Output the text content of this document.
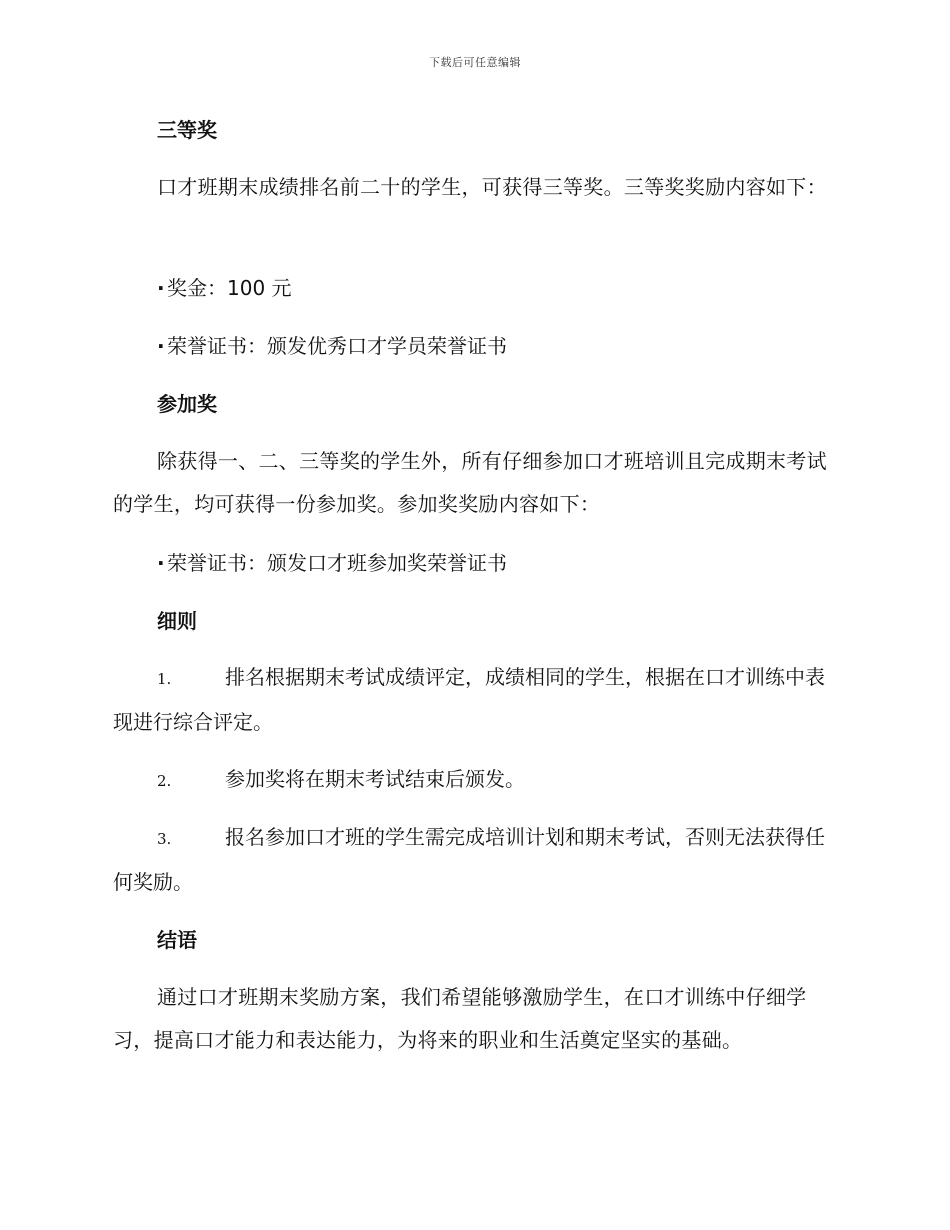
下载后可任意编辑
三等奖
口才班期末成绩排名前二十的学生，可获得三等奖。三等奖奖励内容如下：
· 奖金：100 元
· 荣誉证书：颁发优秀口才学员荣誉证书
参加奖
除获得一、二、三等奖的学生外，所有仔细参加口才班培训且完成期末考试的学生，均可获得一份参加奖。参加奖奖励内容如下：
· 荣誉证书：颁发口才班参加奖荣誉证书
细则
1.	排名根据期末考试成绩评定，成绩相同的学生，根据在口才训练中表现进行综合评定。
2.	参加奖将在期末考试结束后颁发。
3.	报名参加口才班的学生需完成培训计划和期末考试，否则无法获得任何奖励。
结语
通过口才班期末奖励方案，我们希望能够激励学生，在口才训练中仔细学习，提高口才能力和表达能力，为将来的职业和生活奠定坚实的基础。
